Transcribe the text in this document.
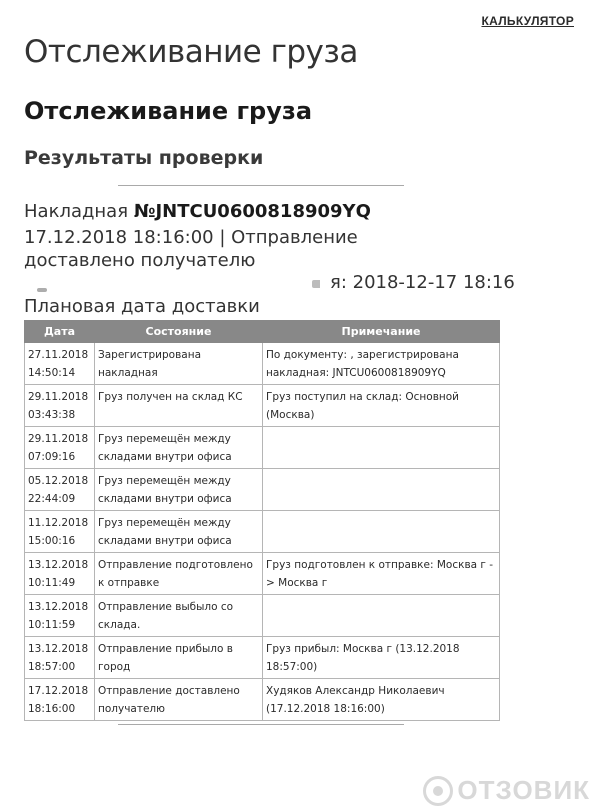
КАЛЬКУЛЯТОР
Отслеживание груза
Отслеживание груза
Результаты проверки
Накладная №JNTCU0600818909YQ
17.12.2018 18:16:00 | Отправление доставлено получателю
я: 2018-12-17 18:16
Плановая дата доставки
Дата	Состояние	Примечание
27.11.2018 14:50:14	Зарегистрирована накладная	По документу: , зарегистрирована накладная: JNTCU0600818909YQ
29.11.2018 03:43:38	Груз получен на склад КС	Груз поступил на склад: Основной (Москва)
29.11.2018 07:09:16	Груз перемещён между складами внутри офиса	
05.12.2018 22:44:09	Груз перемещён между складами внутри офиса	
11.12.2018 15:00:16	Груз перемещён между складами внутри офиса	
13.12.2018 10:11:49	Отправление подготовлено к отправке	Груз подготовлен к отправке: Москва г -> Москва г
13.12.2018 10:11:59	Отправление выбыло со склада.	
13.12.2018 18:57:00	Отправление прибыло в город	Груз прибыл: Москва г (13.12.2018 18:57:00)
17.12.2018 18:16:00	Отправление доставлено получателю	Худяков Александр Николаевич (17.12.2018 18:16:00)
ОТЗОВИК
